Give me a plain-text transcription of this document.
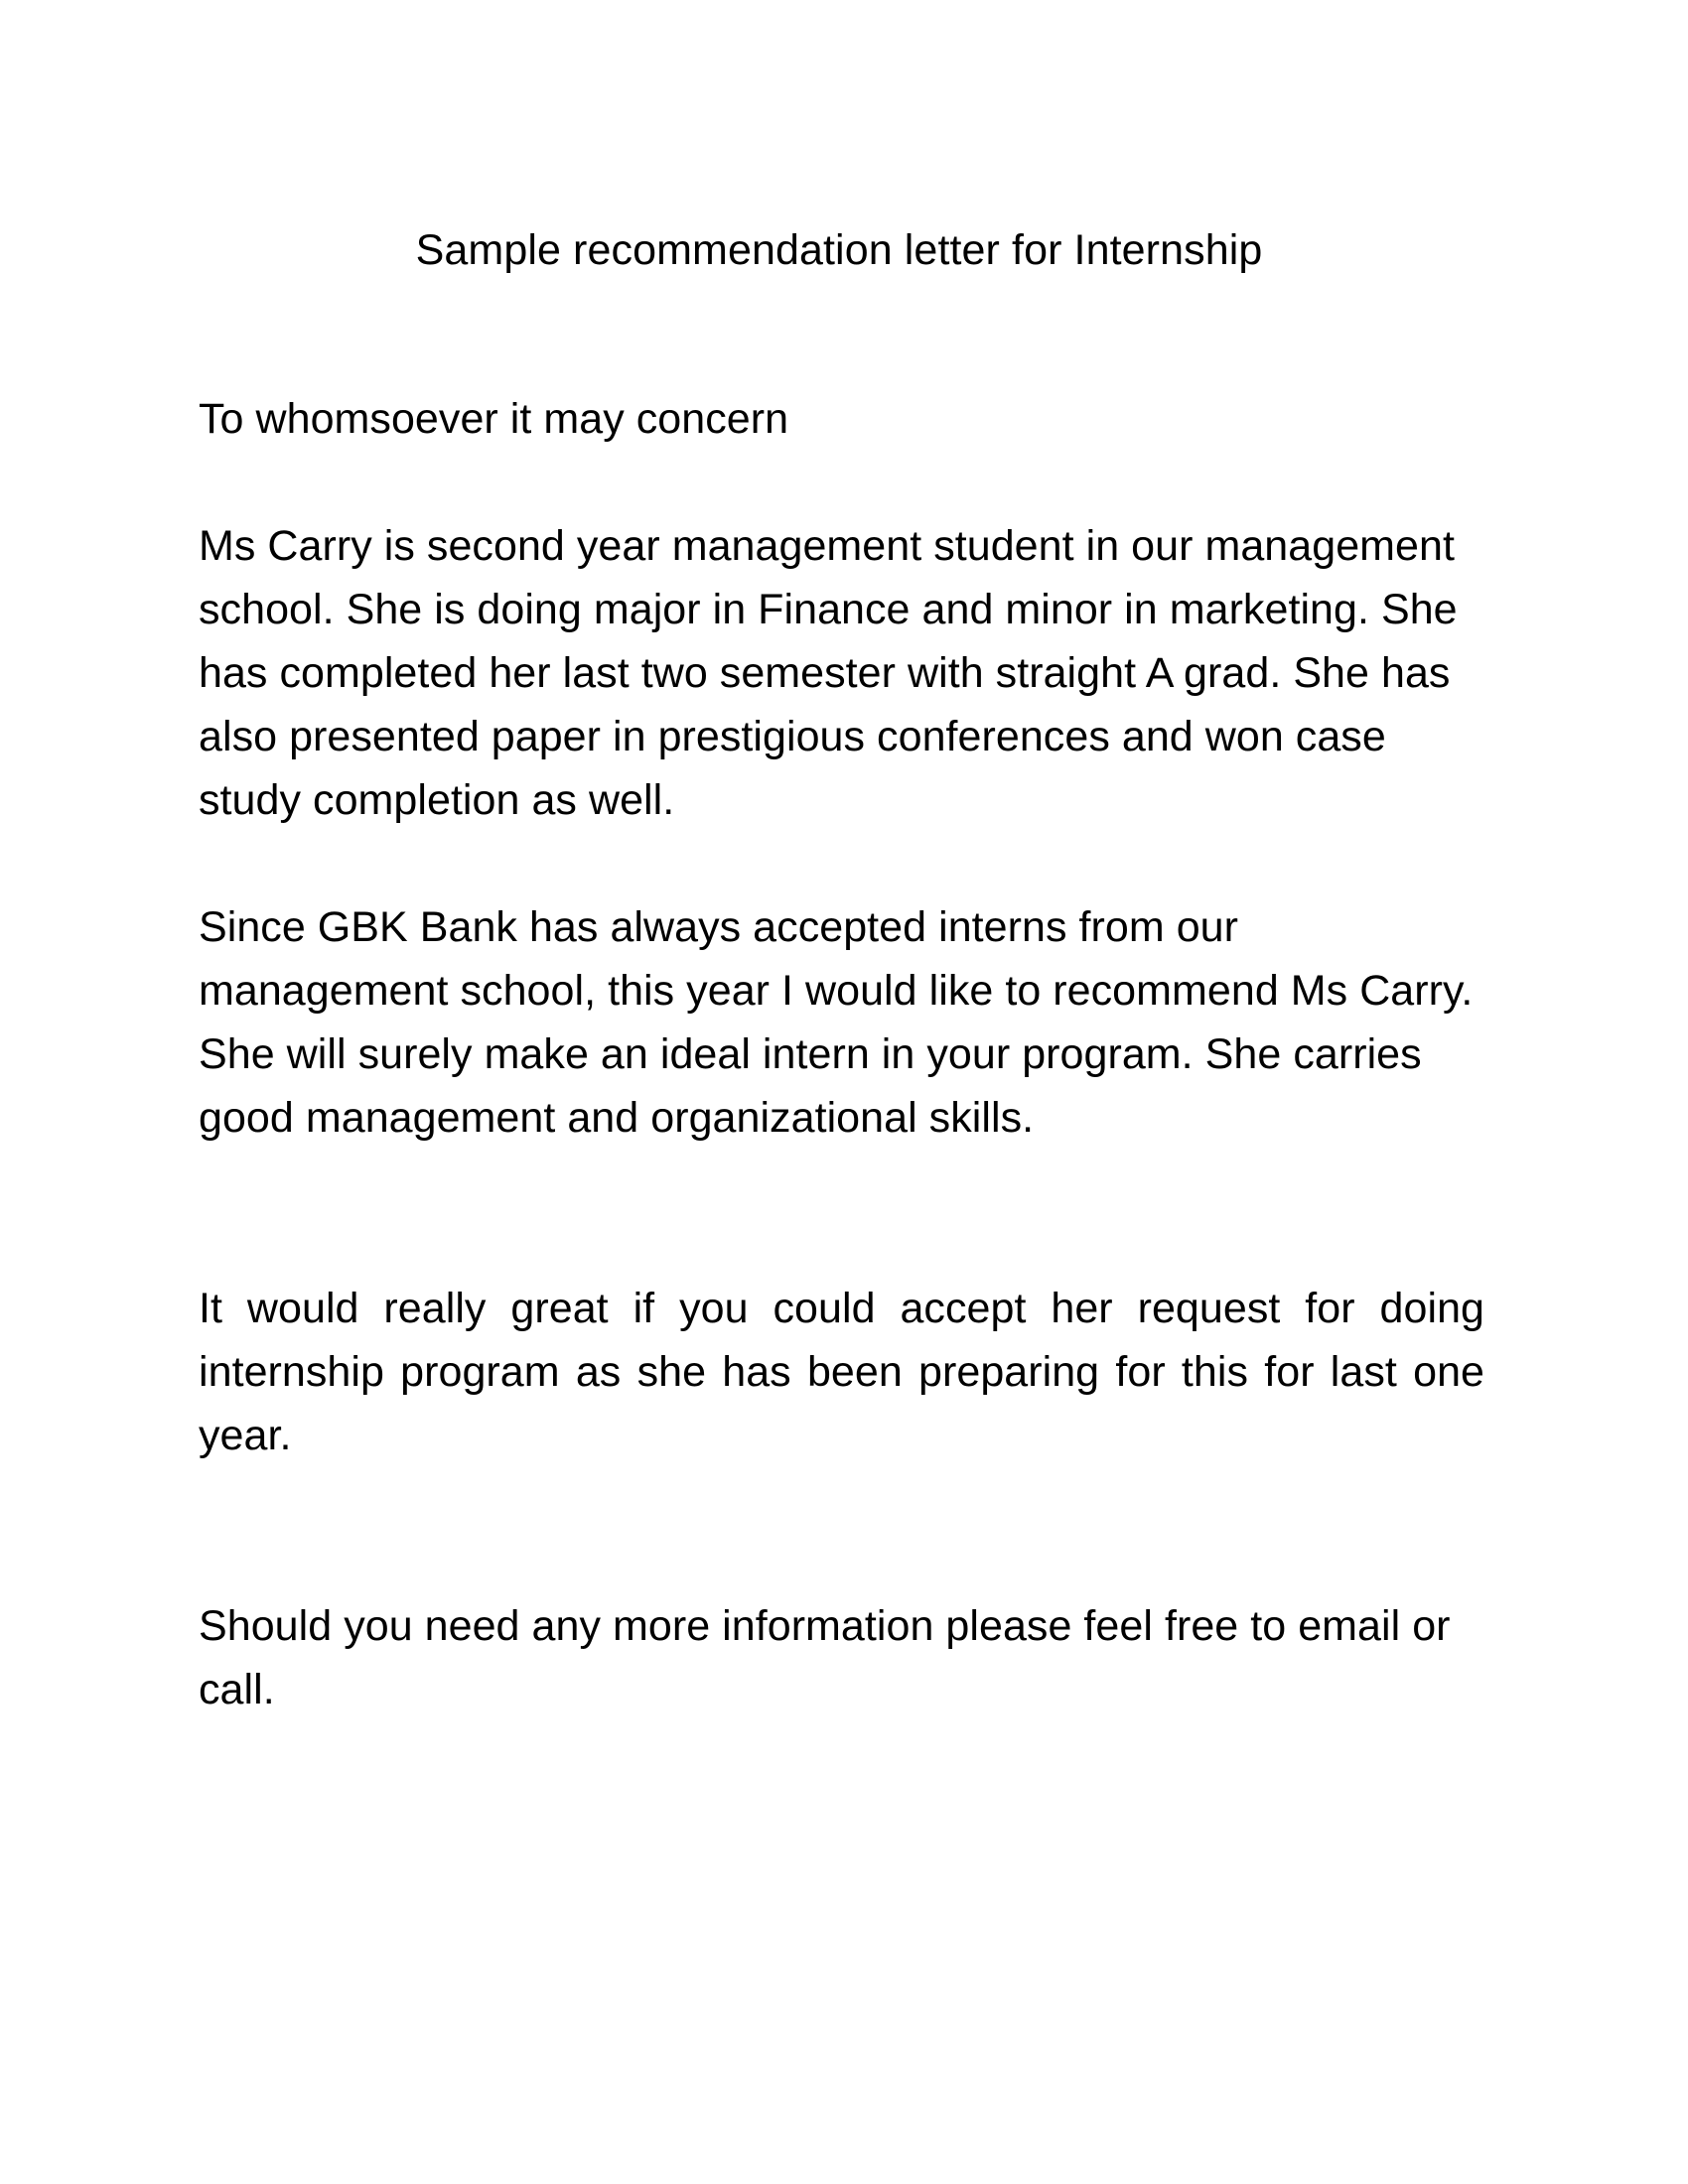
Sample recommendation letter for Internship

To whomsoever it may concern

Ms Carry is second year management student in our management school. She is doing major in Finance and minor in marketing. She has completed her last two semester with straight A grad. She has also presented paper in prestigious conferences and won case study completion as well.

Since GBK Bank has always accepted interns from our management school, this year I would like to recommend Ms Carry. She will surely make an ideal intern in your program. She carries good management and organizational skills.

It would really great if you could accept her request for doing internship program as she has been preparing for this for last one year.

Should you need any more information please feel free to email or call.
